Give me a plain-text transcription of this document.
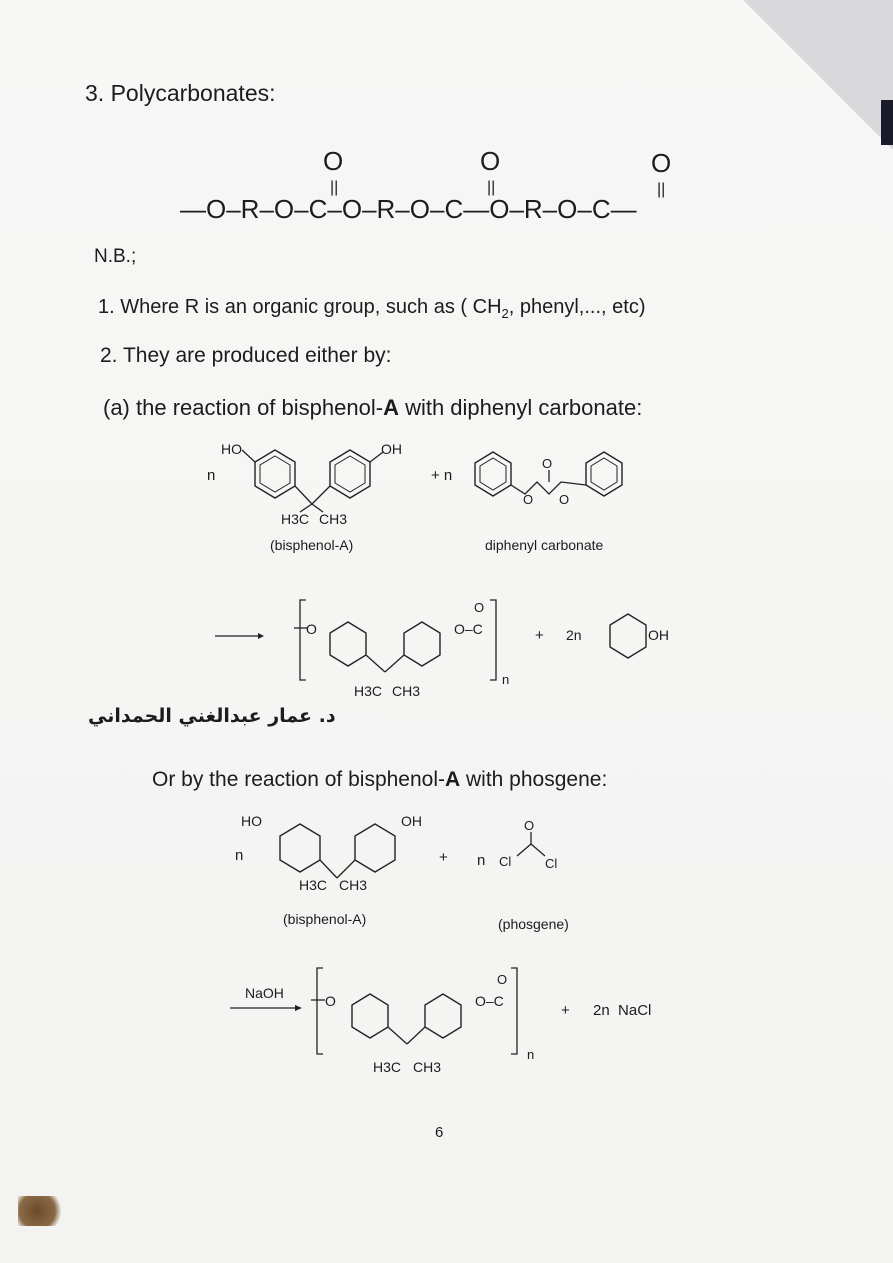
3. Polycarbonates:
O
||
O
||
O
||
—O–R–O–C–O–R–O–C—O–R–O–C—
N.B.;
1. Where R is an organic group, such as ( $CH_2$, phenyl,..., etc)
2. They are produced either by:
(a) the reaction of bisphenol-A with diphenyl carbonate:
n
HO	OH
H3C CH3
(bisphenol-A)
+ n
O
O O
diphenyl carbonate
O
H3C CH3
O–C
O
n
+ 2n	OH
د. عمار عبدالغني الحمداني
Or by the reaction of bisphenol-A with phosgene:
HO
n
OH
H3C CH3
(bisphenol-A)
+ n Cl	Cl
O
(phosgene)
NaOH	O
H3C CH3
O–C
O
n
+ 2n  NaCl
6
